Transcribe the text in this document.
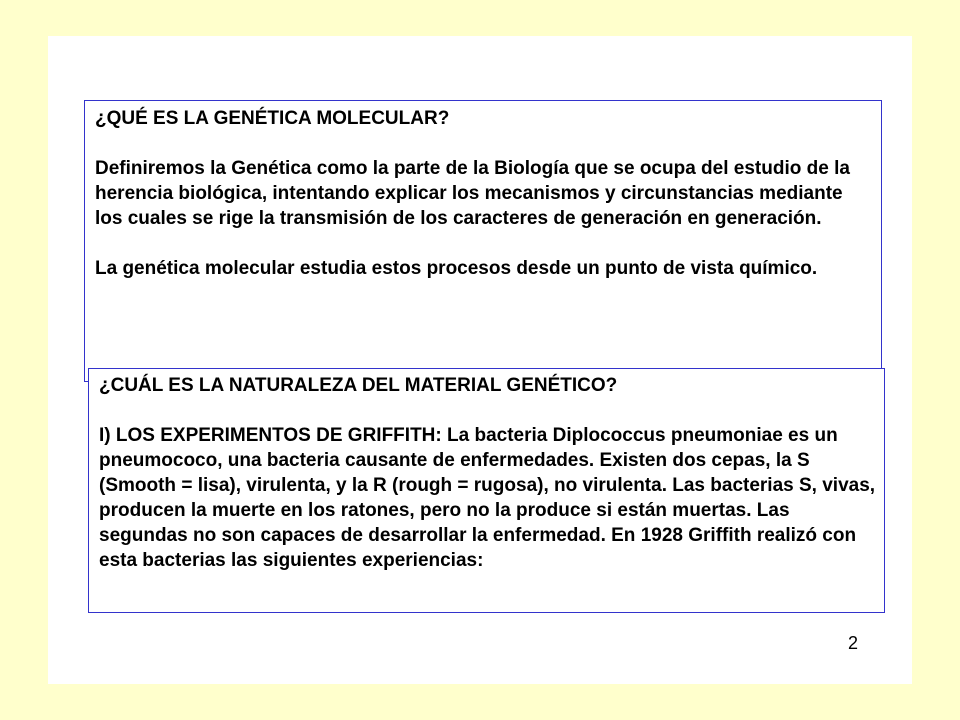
¿QUÉ ES LA GENÉTICA MOLECULAR?

Definiremos la Genética como la parte de la Biología que se ocupa del estudio de la herencia biológica, intentando explicar los mecanismos y circunstancias mediante los cuales se rige la transmisión de los caracteres de generación en generación.

La genética molecular estudia estos procesos desde un punto de vista químico.

¿CUÁL ES LA NATURALEZA DEL MATERIAL GENÉTICO?

I) LOS EXPERIMENTOS DE GRIFFITH: La bacteria Diplococcus pneumoniae es un pneumococo, una bacteria causante de enfermedades. Existen dos cepas, la S (Smooth = lisa), virulenta, y la R (rough = rugosa), no virulenta. Las bacterias S, vivas, producen la muerte en los ratones, pero no la produce si están muertas. Las segundas no son capaces de desarrollar la enfermedad. En 1928 Griffith realizó con esta bacterias las siguientes experiencias:

2
